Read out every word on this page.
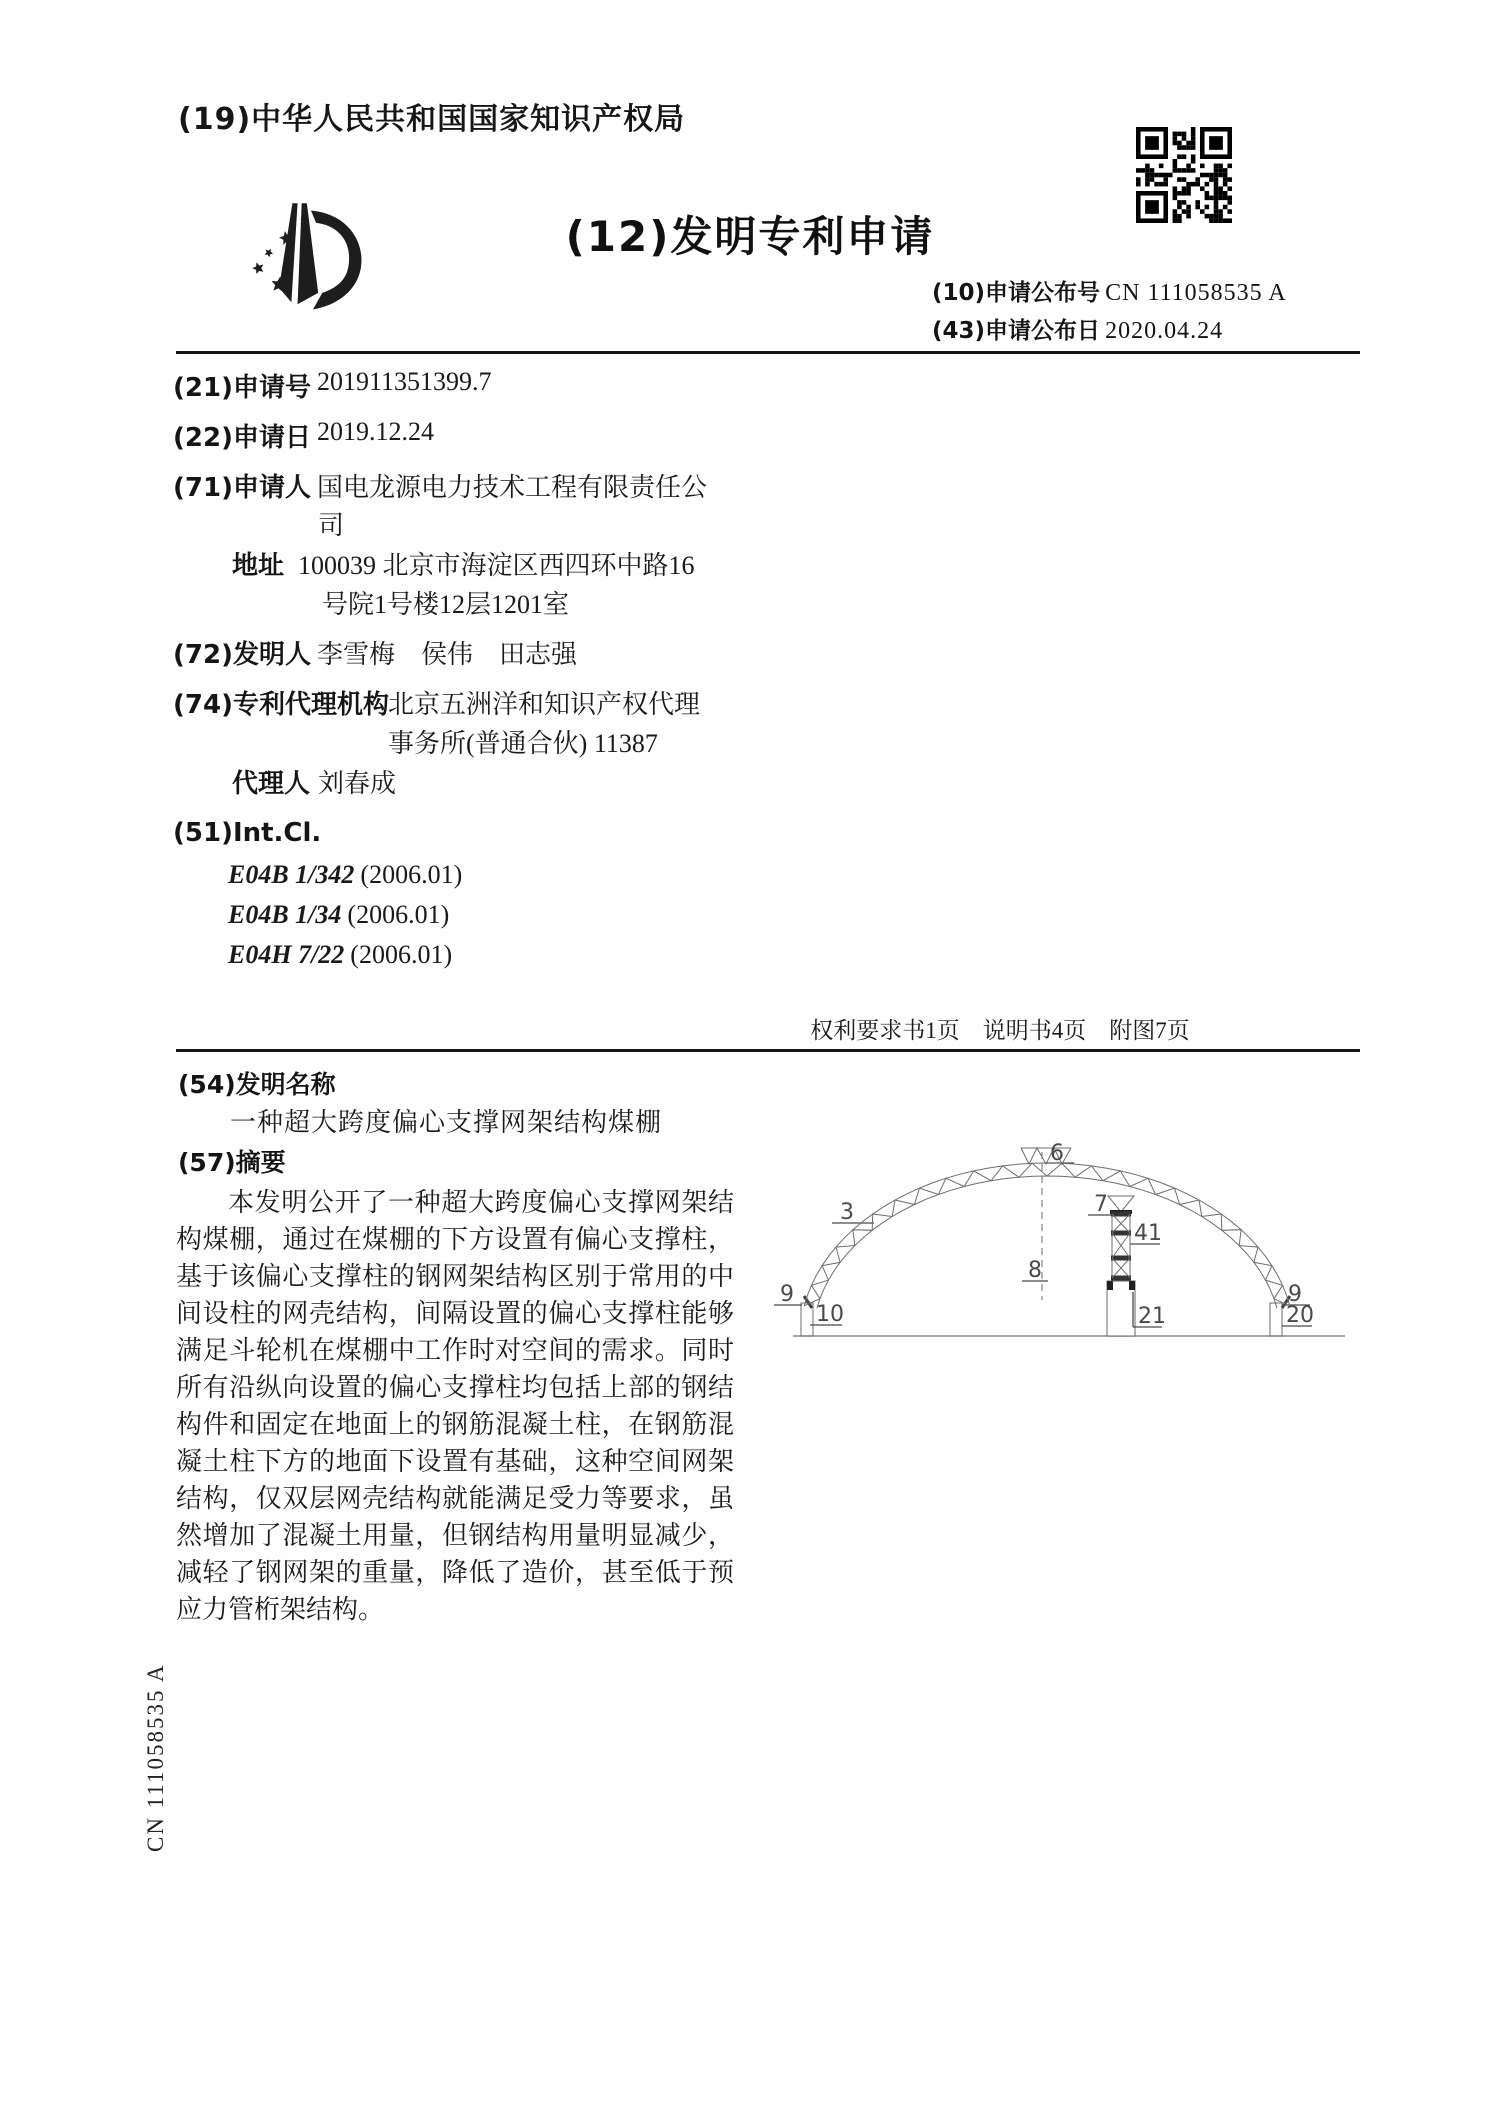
(19)中华人民共和国国家知识产权局
(12)发明专利申请
(10)申请公布号 CN 111058535 A
(43)申请公布日 2020.04.24
(21)申请号 201911351399.7
(22)申请日 2019.12.24
(71)申请人 国电龙源电力技术工程有限责任公
司
地址 100039 北京市海淀区西四环中路16
号院1号楼12层1201室
(72)发明人 李雪梅　侯伟　田志强
(74)专利代理机构 北京五洲洋和知识产权代理
事务所(普通合伙) 11387
代理人 刘春成
(51)Int.Cl.
E04B 1/342 (2006.01)
E04B 1/34 (2006.01)
E04H 7/22 (2006.01)
权利要求书1页　说明书4页　附图7页
(54)发明名称
一种超大跨度偏心支撑网架结构煤棚
(57)摘要
本发明公开了一种超大跨度偏心支撑网架结构煤棚，通过在煤棚的下方设置有偏心支撑柱，基于该偏心支撑柱的钢网架结构区别于常用的中间设柱的网壳结构，间隔设置的偏心支撑柱能够满足斗轮机在煤棚中工作时对空间的需求。同时所有沿纵向设置的偏心支撑柱均包括上部的钢结构件和固定在地面上的钢筋混凝土柱，在钢筋混凝土柱下方的地面下设置有基础，这种空间网架结构，仅双层网壳结构就能满足受力等要求，虽然增加了混凝土用量，但钢结构用量明显减少，减轻了钢网架的重量，降低了造价，甚至低于预应力管桁架结构。
6
3	7
41
8
9
10	21
9
20
CN 111058535 A
